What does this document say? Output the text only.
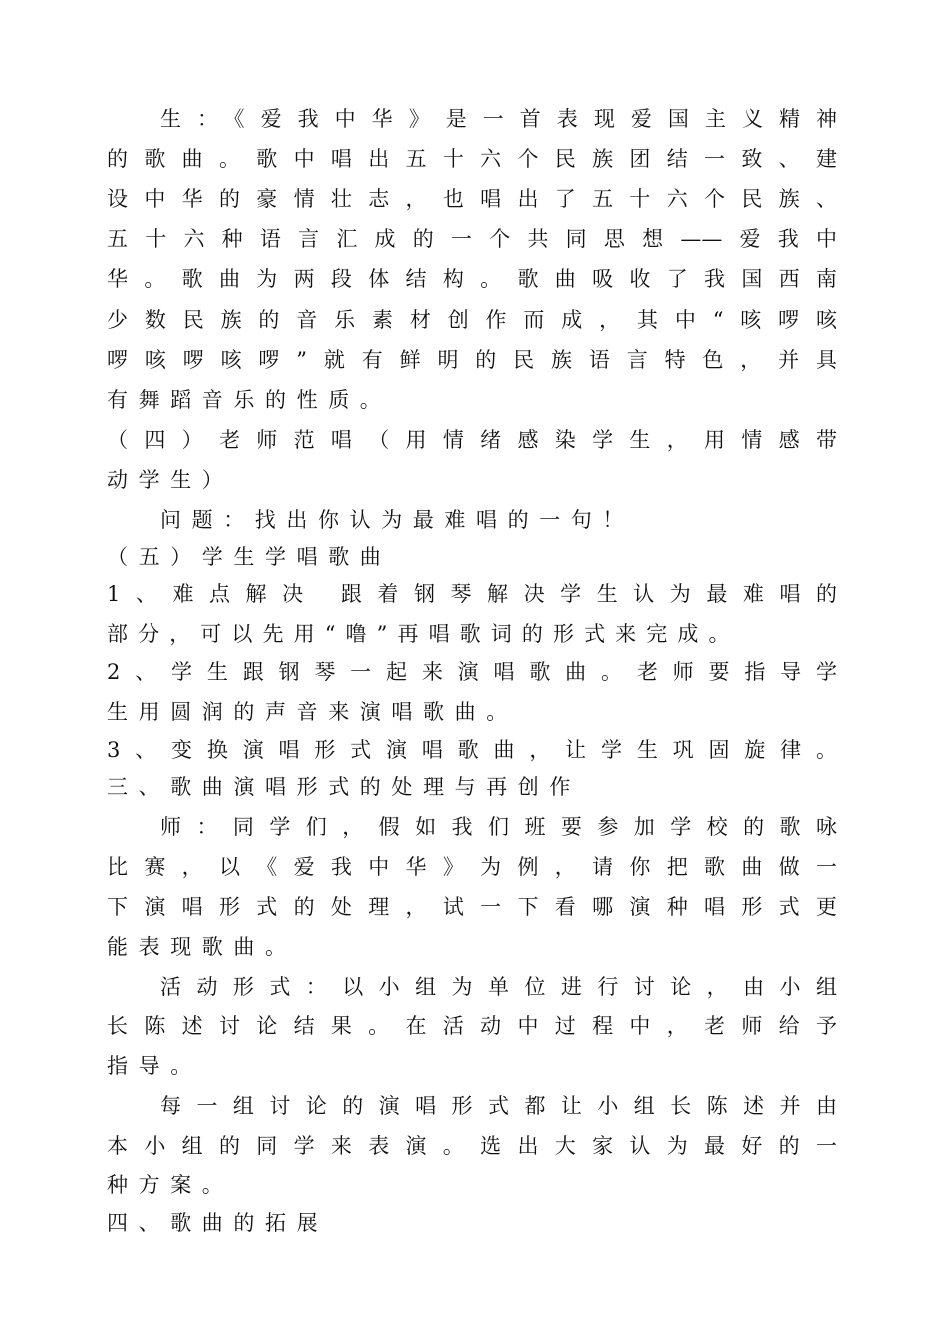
生：《爱我中华》是一首表现爱国主义精神

的歌曲。歌中唱出五十六个民族团结一致、建

设中华的豪情壮志，也唱出了五十六个民族、

五十六种语言汇成的一个共同思想——爱我中

华。歌曲为两段体结构。歌曲吸收了我国西南

少数民族的音乐素材创作而成，其中“咳啰咳

啰咳啰咳啰”就有鲜明的民族语言特色，并具

有舞蹈音乐的性质。

（四）老师范唱（用情绪感染学生，用情感带

动学生）

问题：找出你认为最难唱的一句！

（五）学生学唱歌曲

1、难点解决 跟着钢琴解决学生认为最难唱的

部分，可以先用“噜”再唱歌词的形式来完成。

2、学生跟钢琴一起来演唱歌曲。老师要指导学

生用圆润的声音来演唱歌曲。

3、变换演唱形式演唱歌曲，让学生巩固旋律。

三、歌曲演唱形式的处理与再创作

师：同学们，假如我们班要参加学校的歌咏

比赛，以《爱我中华》为例，请你把歌曲做一

下演唱形式的处理，试一下看哪演种唱形式更

能表现歌曲。

活动形式：以小组为单位进行讨论，由小组

长陈述讨论结果。在活动中过程中，老师给予

指导。

每一组讨论的演唱形式都让小组长陈述并由

本小组的同学来表演。选出大家认为最好的一

种方案。

四、歌曲的拓展
